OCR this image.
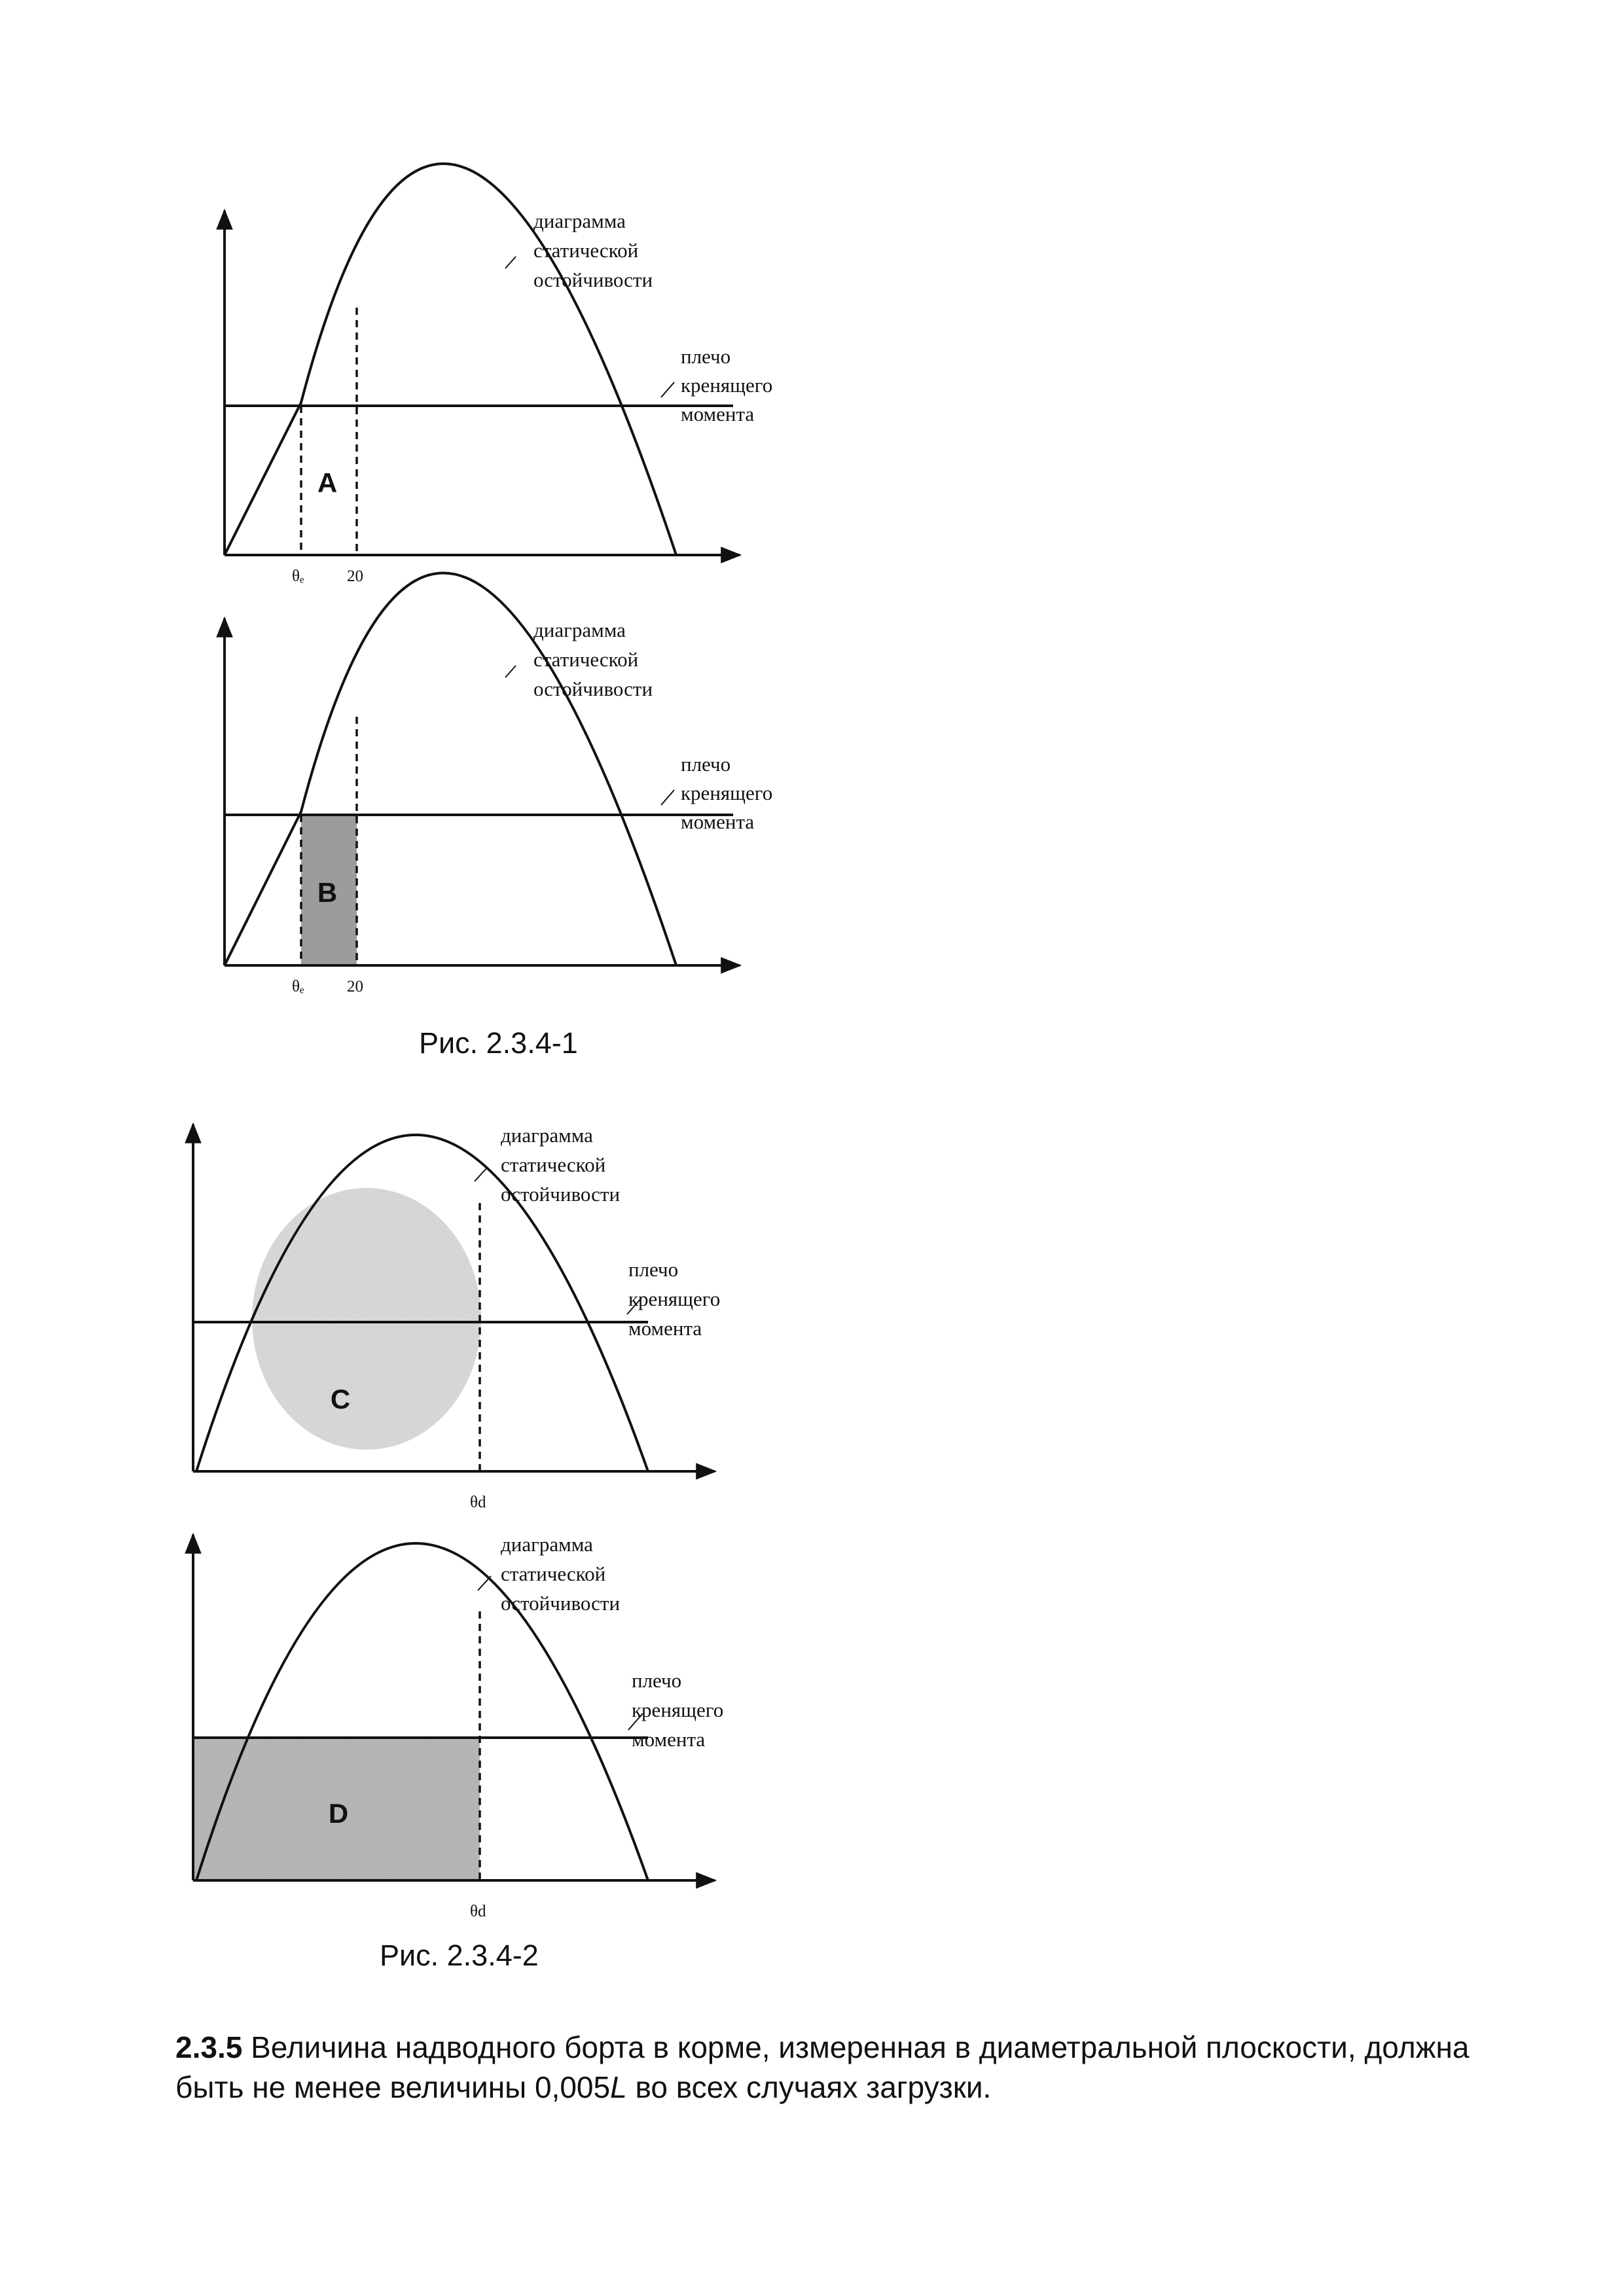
A
диаграмма
статической
остойчивости
плечо
кренящего
момента
θₑ	20
B
диаграмма
статической
остойчивости
плечо
кренящего
момента
θₑ	20
C
диаграмма
статической
остойчивости
плечо
кренящего
момента
θd
D
диаграмма
статической
остойчивости
плечо
кренящего
момента
θd
Рис. 2.3.4-1
Рис. 2.3.4-2

2.3.5 Величина надводного борта в корме, измеренная в диаметральной плоскости, должна быть не менее величины 0,005L во всех случаях загрузки.
